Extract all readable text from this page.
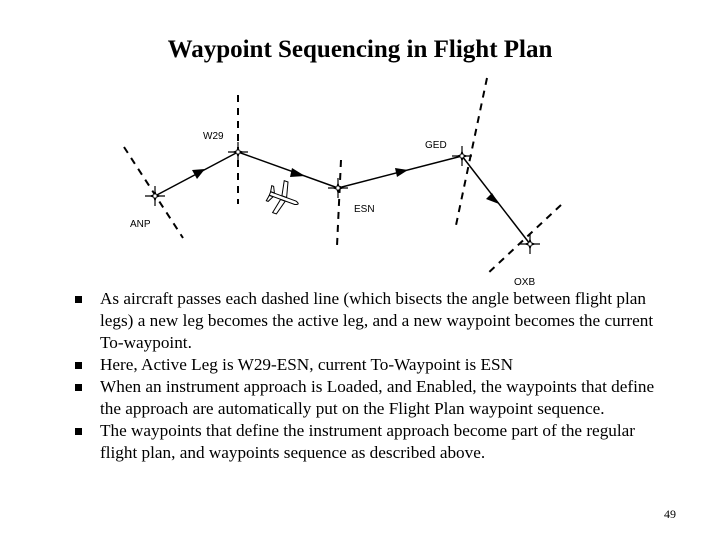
Waypoint Sequencing in Flight Plan
W29
GED
ESN
ANP
OXB
As aircraft passes each dashed line (which bisects the angle between flight plan legs) a new leg becomes the active leg, and a new waypoint becomes the current To-waypoint.
Here, Active Leg is W29-ESN, current To-Waypoint is ESN
When an instrument approach is Loaded, and Enabled, the waypoints that define the approach are automatically put on the Flight Plan waypoint sequence.
The waypoints that define the instrument approach become part of the regular flight plan, and waypoints sequence as described above.
49
